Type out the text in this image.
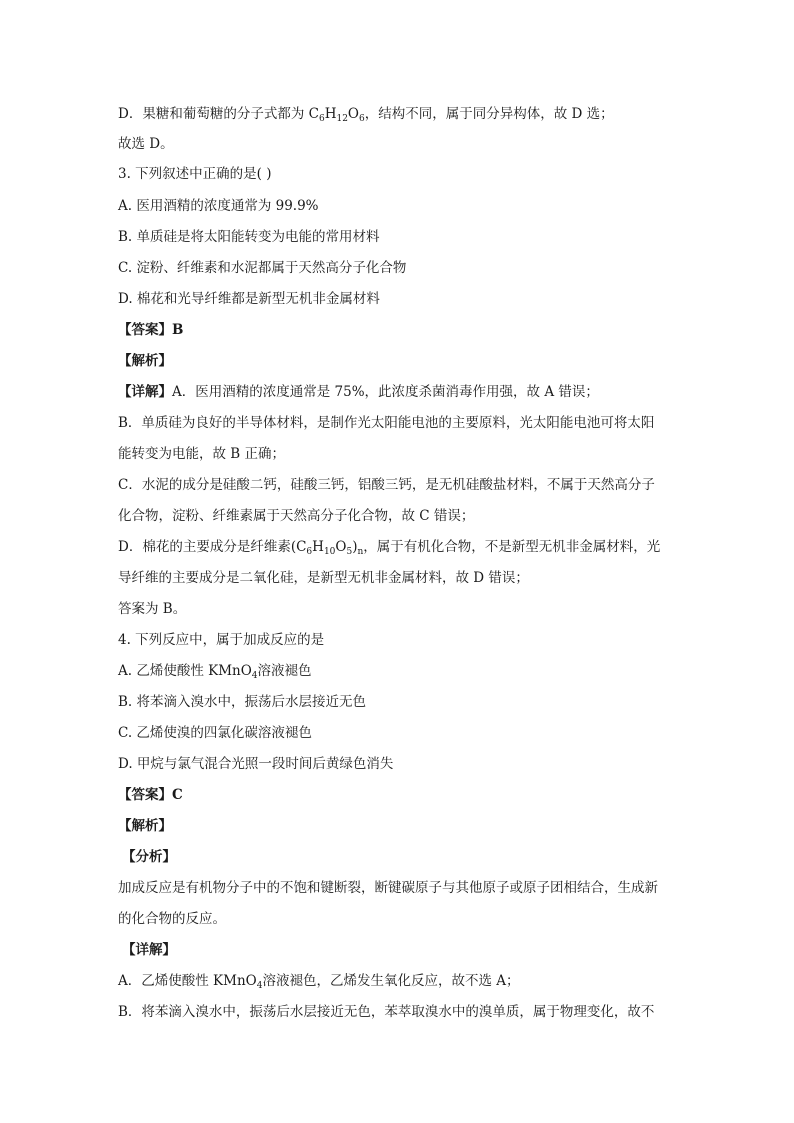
D．果糖和葡萄糖的分子式都为 $C_6H_{12}O_6$，结构不同，属于同分异构体，故 D 选；
故选 D。
3. 下列叙述中正确的是( )
A. 医用酒精的浓度通常为 99.9%
B. 单质硅是将太阳能转变为电能的常用材料
C. 淀粉、纤维素和水泥都属于天然高分子化合物
D. 棉花和光导纤维都是新型无机非金属材料
【答案】B
【解析】
【详解】A．医用酒精的浓度通常是 75%，此浓度杀菌消毒作用强，故 A 错误；
B．单质硅为良好的半导体材料，是制作光太阳能电池的主要原料，光太阳能电池可将太阳
能转变为电能，故 B 正确；
C．水泥的成分是硅酸二钙，硅酸三钙，铝酸三钙，是无机硅酸盐材料，不属于天然高分子
化合物，淀粉、纤维素属于天然高分子化合物，故 C 错误；
D．棉花的主要成分是纤维素$(C_6H_{10}O_5)_n$，属于有机化合物，不是新型无机非金属材料，光
导纤维的主要成分是二氧化硅，是新型无机非金属材料，故 D 错误；
答案为 B。
4. 下列反应中，属于加成反应的是
A. 乙烯使酸性 KMnO$_4$溶液褪色
B. 将苯滴入溴水中，振荡后水层接近无色
C. 乙烯使溴的四氯化碳溶液褪色
D. 甲烷与氯气混合光照一段时间后黄绿色消失
【答案】C
【解析】
【分析】
加成反应是有机物分子中的不饱和键断裂，断键碳原子与其他原子或原子团相结合，生成新
的化合物的反应。
【详解】
A．乙烯使酸性 KMnO$_4$溶液褪色，乙烯发生氧化反应，故不选 A；
B．将苯滴入溴水中，振荡后水层接近无色，苯萃取溴水中的溴单质，属于物理变化，故不
